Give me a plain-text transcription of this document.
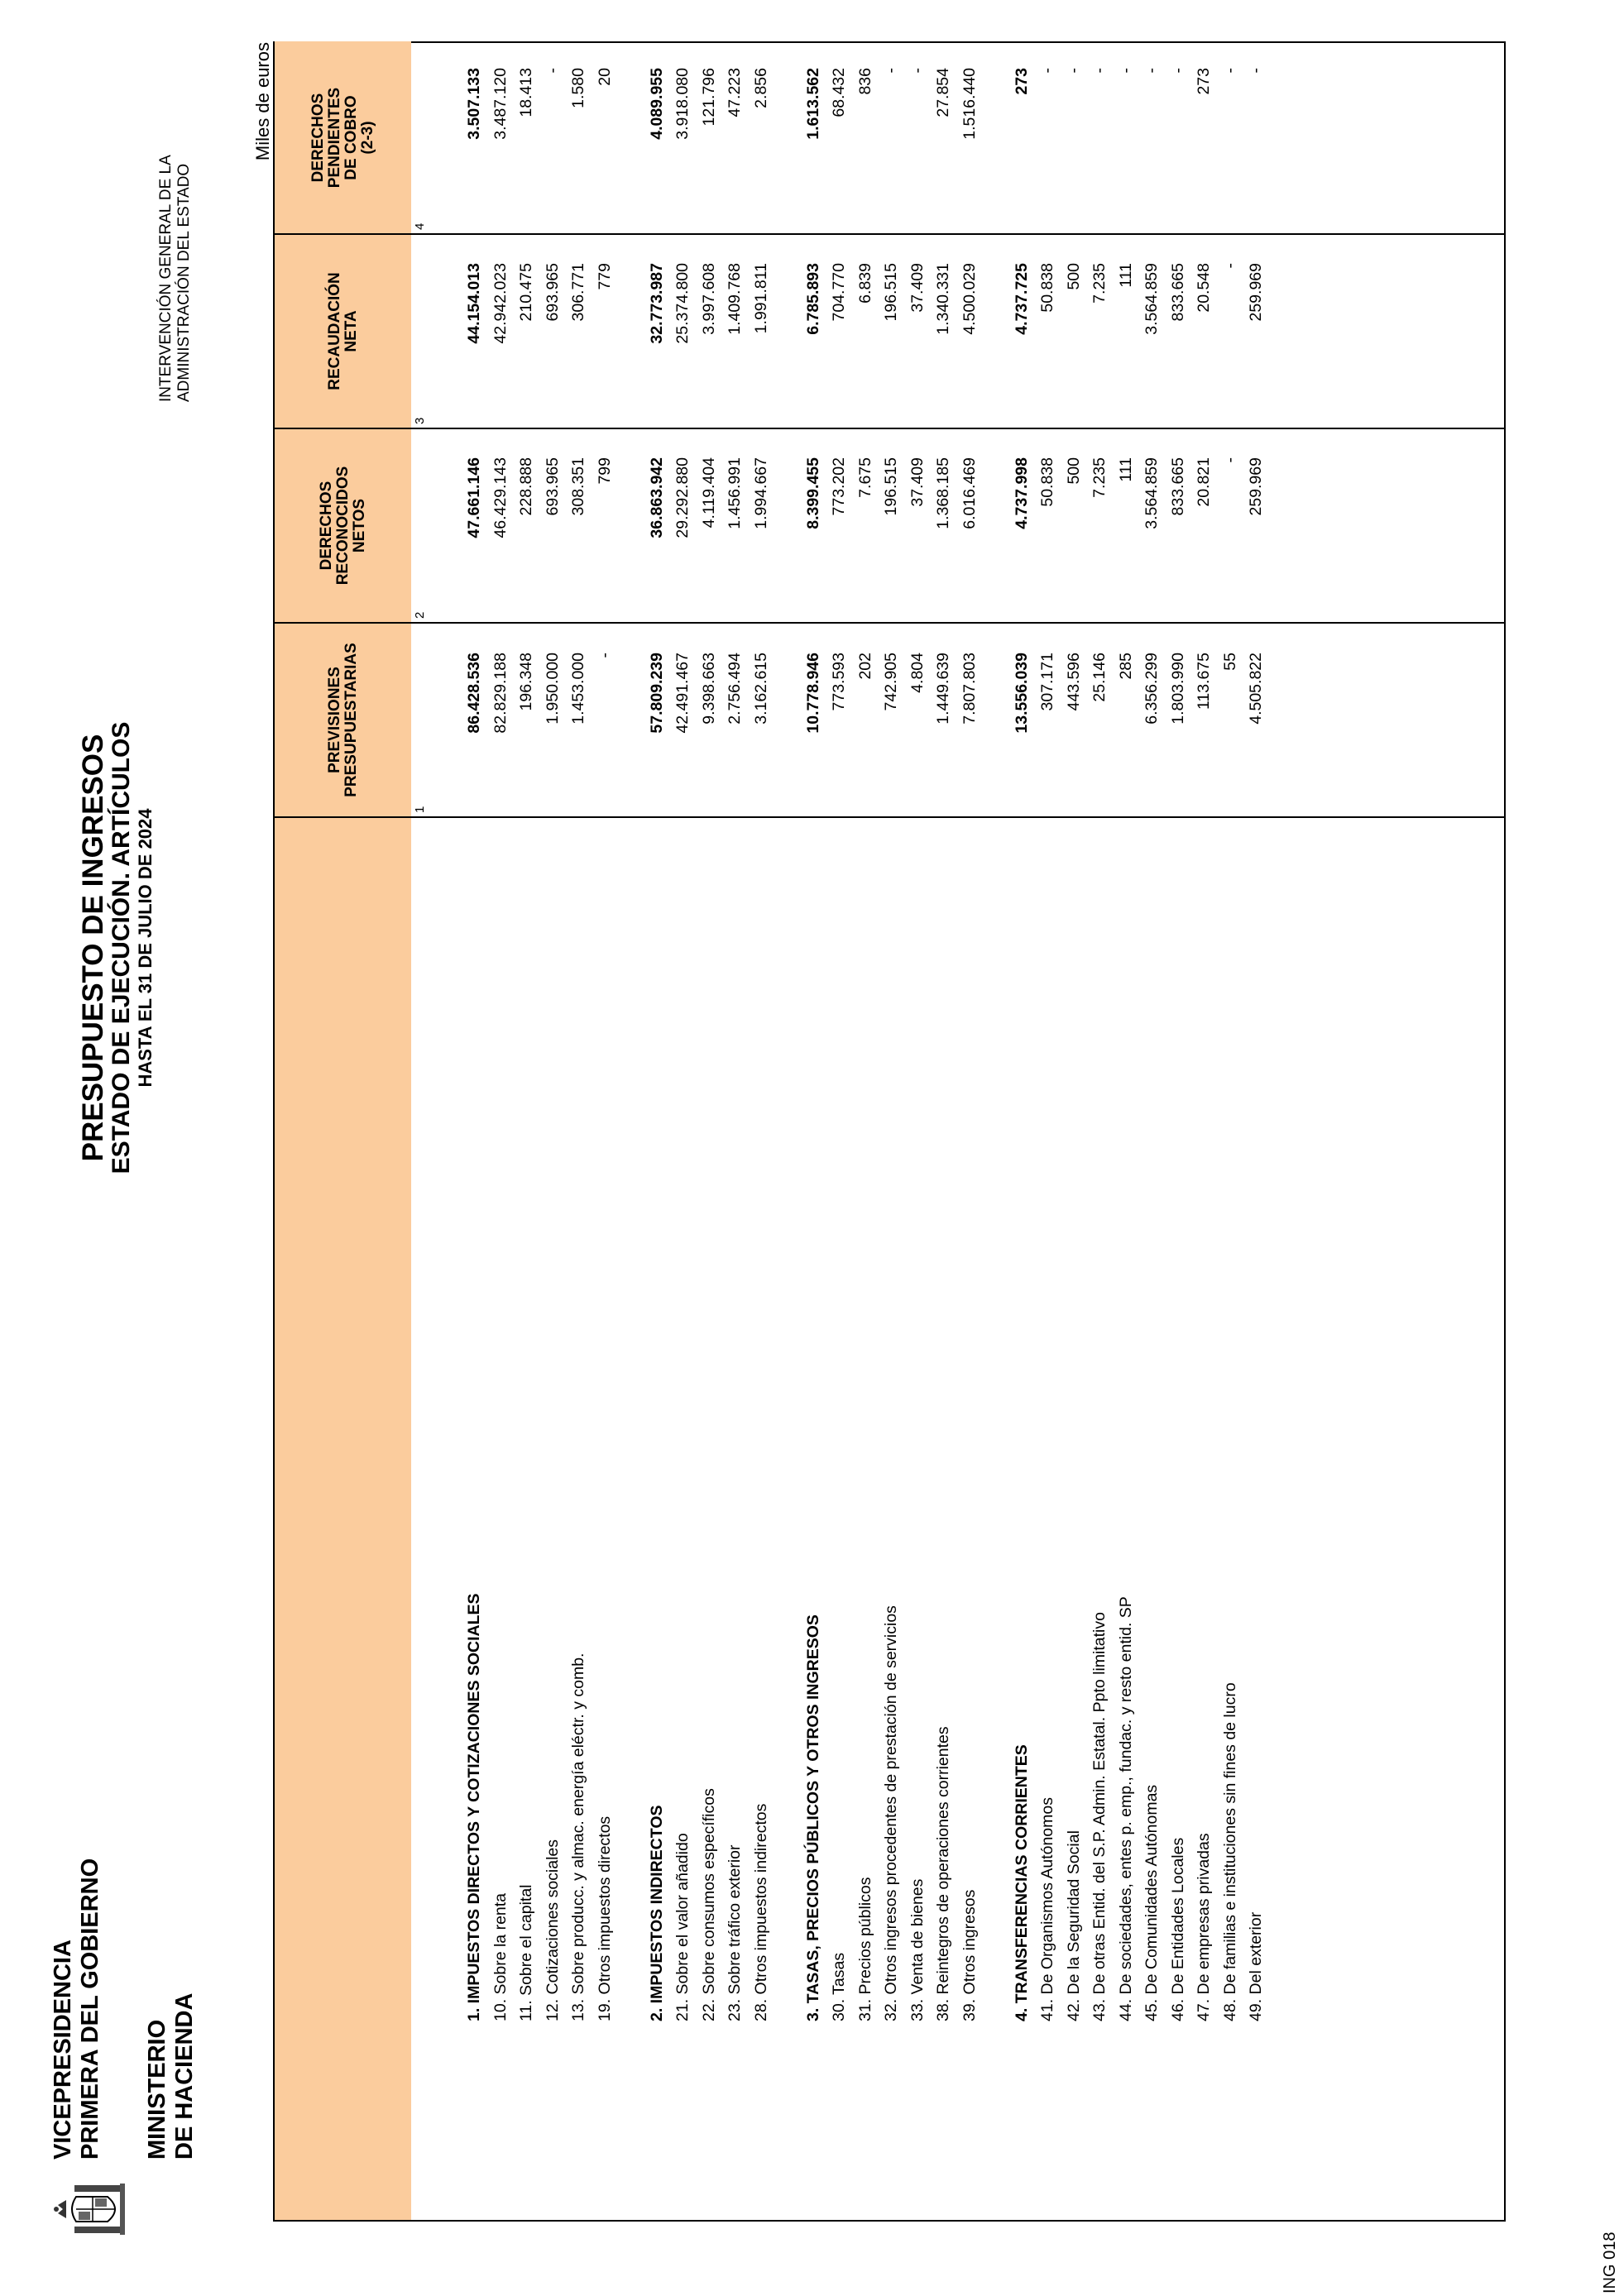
VICEPRESIDENCIA PRIMERA DEL GOBIERNO MINISTERIO DE HACIENDA
PRESUPUESTO DE INGRESOS
ESTADO DE EJECUCIÓN. ARTÍCULOS HASTA EL 31 DE JULIO DE 2024
INTERVENCIÓN GENERAL DE LA ADMINISTRACIÓN DEL ESTADO
Miles de euros
ING 018
PREVISIONES
PRESUPUESTARIAS
DERECHOS
RECONOCIDOS
NETOS
RECAUDACIÓN
NETA
DERECHOS
PENDIENTES
DE COBRO
(2-3)
1
2
3
4
1. IMPUESTOS DIRECTOS Y COTIZACIONES SOCIALES
86.428.536
47.661.146
44.154.013
3.507.133
10. Sobre la renta
82.829.188
46.429.143
42.942.023
3.487.120
11. Sobre el capital
196.348
228.888
210.475
18.413
12. Cotizaciones sociales
1.950.000
693.965
693.965
-
13. Sobre producc. y almac. energía eléctr. y comb.
1.453.000
308.351
306.771
1.580
19. Otros impuestos directos
-
799
779
20
2. IMPUESTOS INDIRECTOS
57.809.239
36.863.942
32.773.987
4.089.955
21. Sobre el valor añadido
42.491.467
29.292.880
25.374.800
3.918.080
22. Sobre consumos específicos
9.398.663
4.119.404
3.997.608
121.796
23. Sobre tráfico exterior
2.756.494
1.456.991
1.409.768
47.223
28. Otros impuestos indirectos
3.162.615
1.994.667
1.991.811
2.856
3. TASAS, PRECIOS PÚBLICOS Y OTROS INGRESOS
10.778.946
8.399.455
6.785.893
1.613.562
30. Tasas
773.593
773.202
704.770
68.432
31. Precios públicos
202
7.675
6.839
836
32. Otros ingresos procedentes de prestación de servicios
742.905
196.515
196.515
-
33. Venta de bienes
4.804
37.409
37.409
-
38. Reintegros de operaciones corrientes
1.449.639
1.368.185
1.340.331
27.854
39. Otros ingresos
7.807.803
6.016.469
4.500.029
1.516.440
4. TRANSFERENCIAS CORRIENTES
13.556.039
4.737.998
4.737.725
273
41. De Organismos Autónomos
307.171
50.838
50.838
-
42. De la Seguridad Social
443.596
500
500
-
43. De otras Entid. del S.P. Admin. Estatal. Ppto limitativo
25.146
7.235
7.235
-
44. De sociedades, entes p. emp., fundac. y resto entid. SP
285
111
111
-
45. De Comunidades Autónomas
6.356.299
3.564.859
3.564.859
-
46. De Entidades Locales
1.803.990
833.665
833.665
-
47. De empresas privadas
113.675
20.821
20.548
273
48. De familias e instituciones sin fines de lucro
55
-
-
-
49. Del exterior
4.505.822
259.969
259.969
-
